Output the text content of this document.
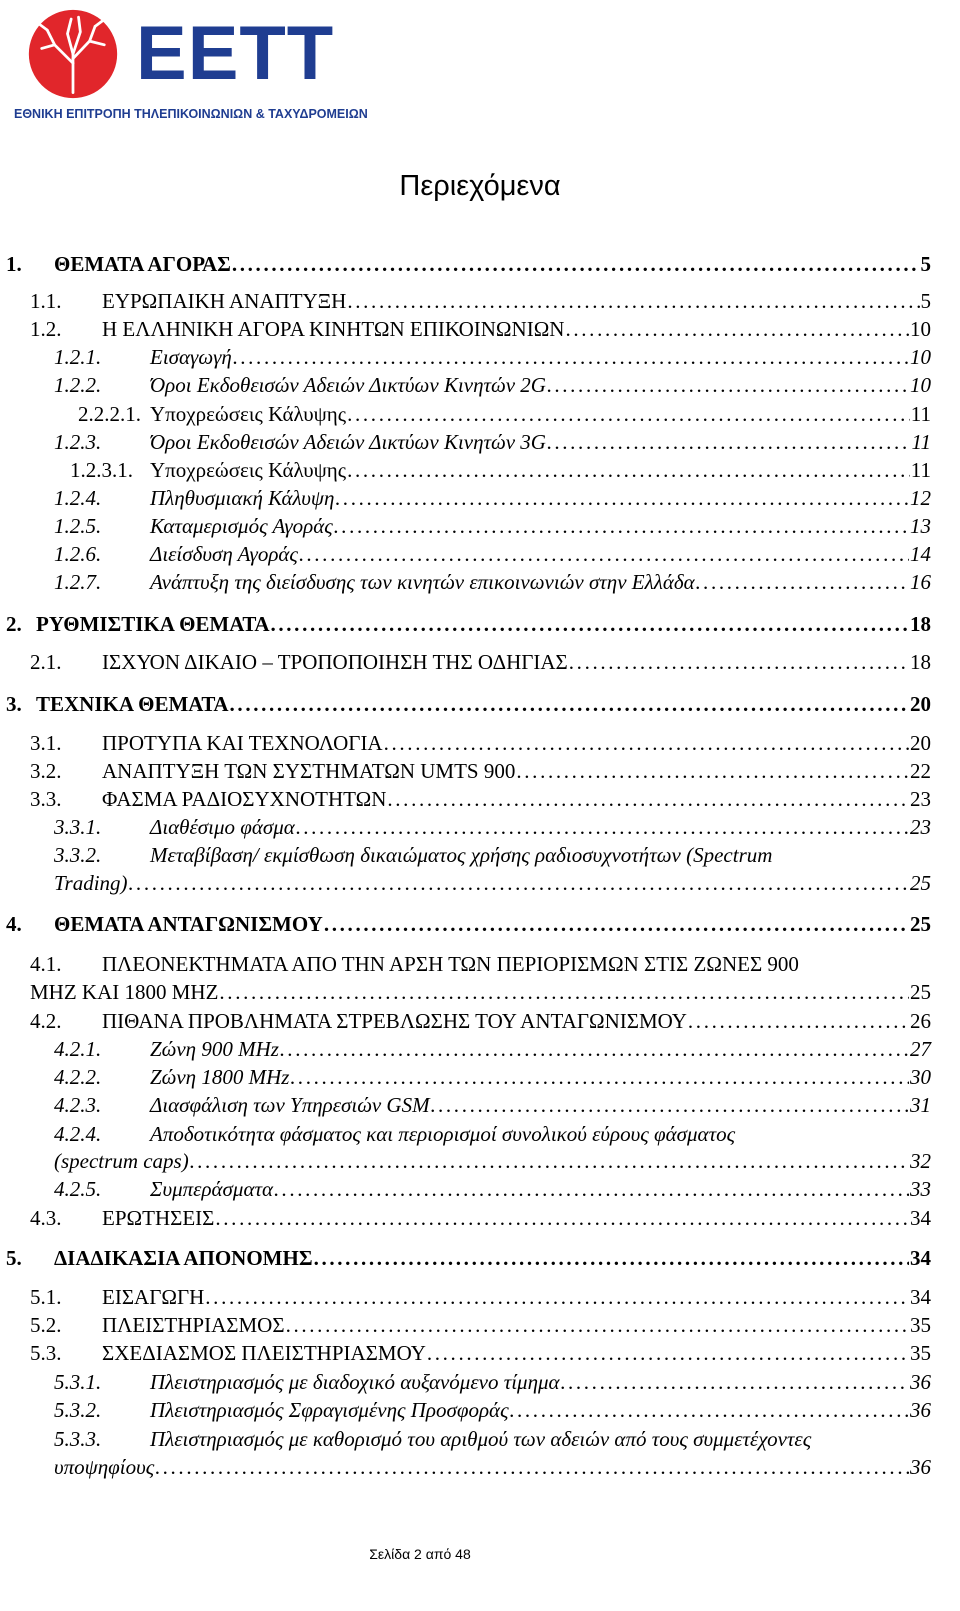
ΕΕΤΤ
ΕΘΝΙΚΗ ΕΠΙΤΡΟΠΗ ΤΗΛΕΠΙΚΟΙΝΩΝΙΩΝ & ΤΑΧΥΔΡΟΜΕΙΩΝ
Περιεχόμενα
1.	ΘΕΜΑΤΑ ΑΓΟΡΑΣ . . .	5
1.1.	ΕΥΡΩΠΑΙΚΗ ΑΝΑΠΤΥΞΗ . . .	5
1.2.	Η ΕΛΛΗΝΙΚΗ ΑΓΟΡΑ ΚΙΝΗΤΩΝ ΕΠΙΚΟΙΝΩΝΙΩΝ . . .	10
1.2.1.	Εισαγωγή . . .	10
1.2.2.	Όροι Εκδοθεισών Αδειών Δικτύων Κινητών 2G . . .	10
2.2.2.1. Υποχρεώσεις Κάλυψης . . .	11
1.2.3.	Όροι Εκδοθεισών Αδειών Δικτύων Κινητών 3G . . .	11
1.2.3.1. Υποχρεώσεις Κάλυψης . . .	11
1.2.4.	Πληθυσμιακή Κάλυψη . . .	12
1.2.5.	Καταμερισμός Αγοράς . . .	13
1.2.6.	Διείσδυση Αγοράς . . .	14
1.2.7.	Ανάπτυξη της διείσδυσης των κινητών επικοινωνιών στην Ελλάδα . . .	16
2. ΡΥΘΜΙΣΤΙΚΑ ΘΕΜΑΤΑ . . .	18
2.1.	ΙΣΧΥΟΝ ΔΙΚΑΙΟ – ΤΡΟΠΟΠΟΙΗΣΗ ΤΗΣ ΟΔΗΓΙΑΣ . . .	18
3. ΤΕΧΝΙΚΑ ΘΕΜΑΤΑ . . .	20
3.1.	ΠΡΟΤΥΠΑ ΚΑΙ ΤΕΧΝΟΛΟΓΙΑ . . .	20
3.2.	ΑΝΑΠΤΥΞΗ ΤΩΝ ΣΥΣΤΗΜΑΤΩΝ UMTS 900 . . .	22
3.3.	ΦΑΣΜΑ ΡΑΔΙΟΣΥΧΝΟΤΗΤΩΝ . . .	23
3.3.1.	Διαθέσιμο φάσμα . . .	23
3.3.2.	Μεταβίβαση/ εκμίσθωση δικαιώματος χρήσης ραδιοσυχνοτήτων (Spectrum
Trading) . . .	25
4.	ΘΕΜΑΤΑ ΑΝΤΑΓΩΝΙΣΜΟΥ . . .	25
4.1.	ΠΛΕΟΝΕΚΤΗΜΑΤΑ ΑΠΟ ΤΗΝ ΑΡΣΗ ΤΩΝ ΠΕΡΙΟΡΙΣΜΩΝ ΣΤΙΣ ΖΩΝΕΣ 900
MHZ ΚΑΙ 1800 MHZ . . .	25
4.2.	ΠΙΘΑΝΑ ΠΡΟΒΛΗΜΑΤΑ ΣΤΡΕΒΛΩΣΗΣ ΤΟΥ ΑΝΤΑΓΩΝΙΣΜΟΥ . . .	26
4.2.1.	Ζώνη 900 MHz . . .	27
4.2.2.	Ζώνη 1800 MHz . . .	30
4.2.3.	Διασφάλιση των Υπηρεσιών GSM . . .	31
4.2.4.	Αποδοτικότητα φάσματος και περιορισμοί συνολικού εύρους φάσματος
(spectrum caps) . . .	32
4.2.5.	Συμπεράσματα . . .	33
4.3.	ΕΡΩΤΗΣΕΙΣ . . .	34
5.	ΔΙΑΔΙΚΑΣΙΑ ΑΠΟΝΟΜΗΣ . . .	34
5.1.	ΕΙΣΑΓΩΓΗ . . .	34
5.2.	ΠΛΕΙΣΤΗΡΙΑΣΜΟΣ . . .	35
5.3.	ΣΧΕΔΙΑΣΜΟΣ ΠΛΕΙΣΤΗΡΙΑΣΜΟΥ . . .	35
5.3.1.	Πλειστηριασμός με διαδοχικό αυξανόμενο τίμημα . . .	36
5.3.2.	Πλειστηριασμός Σφραγισμένης Προσφοράς . . .	36
5.3.3.	Πλειστηριασμός με καθορισμό του αριθμού των αδειών από τους συμμετέχοντες
υποψηφίους . . .	36
Σελίδα 2 από 48
